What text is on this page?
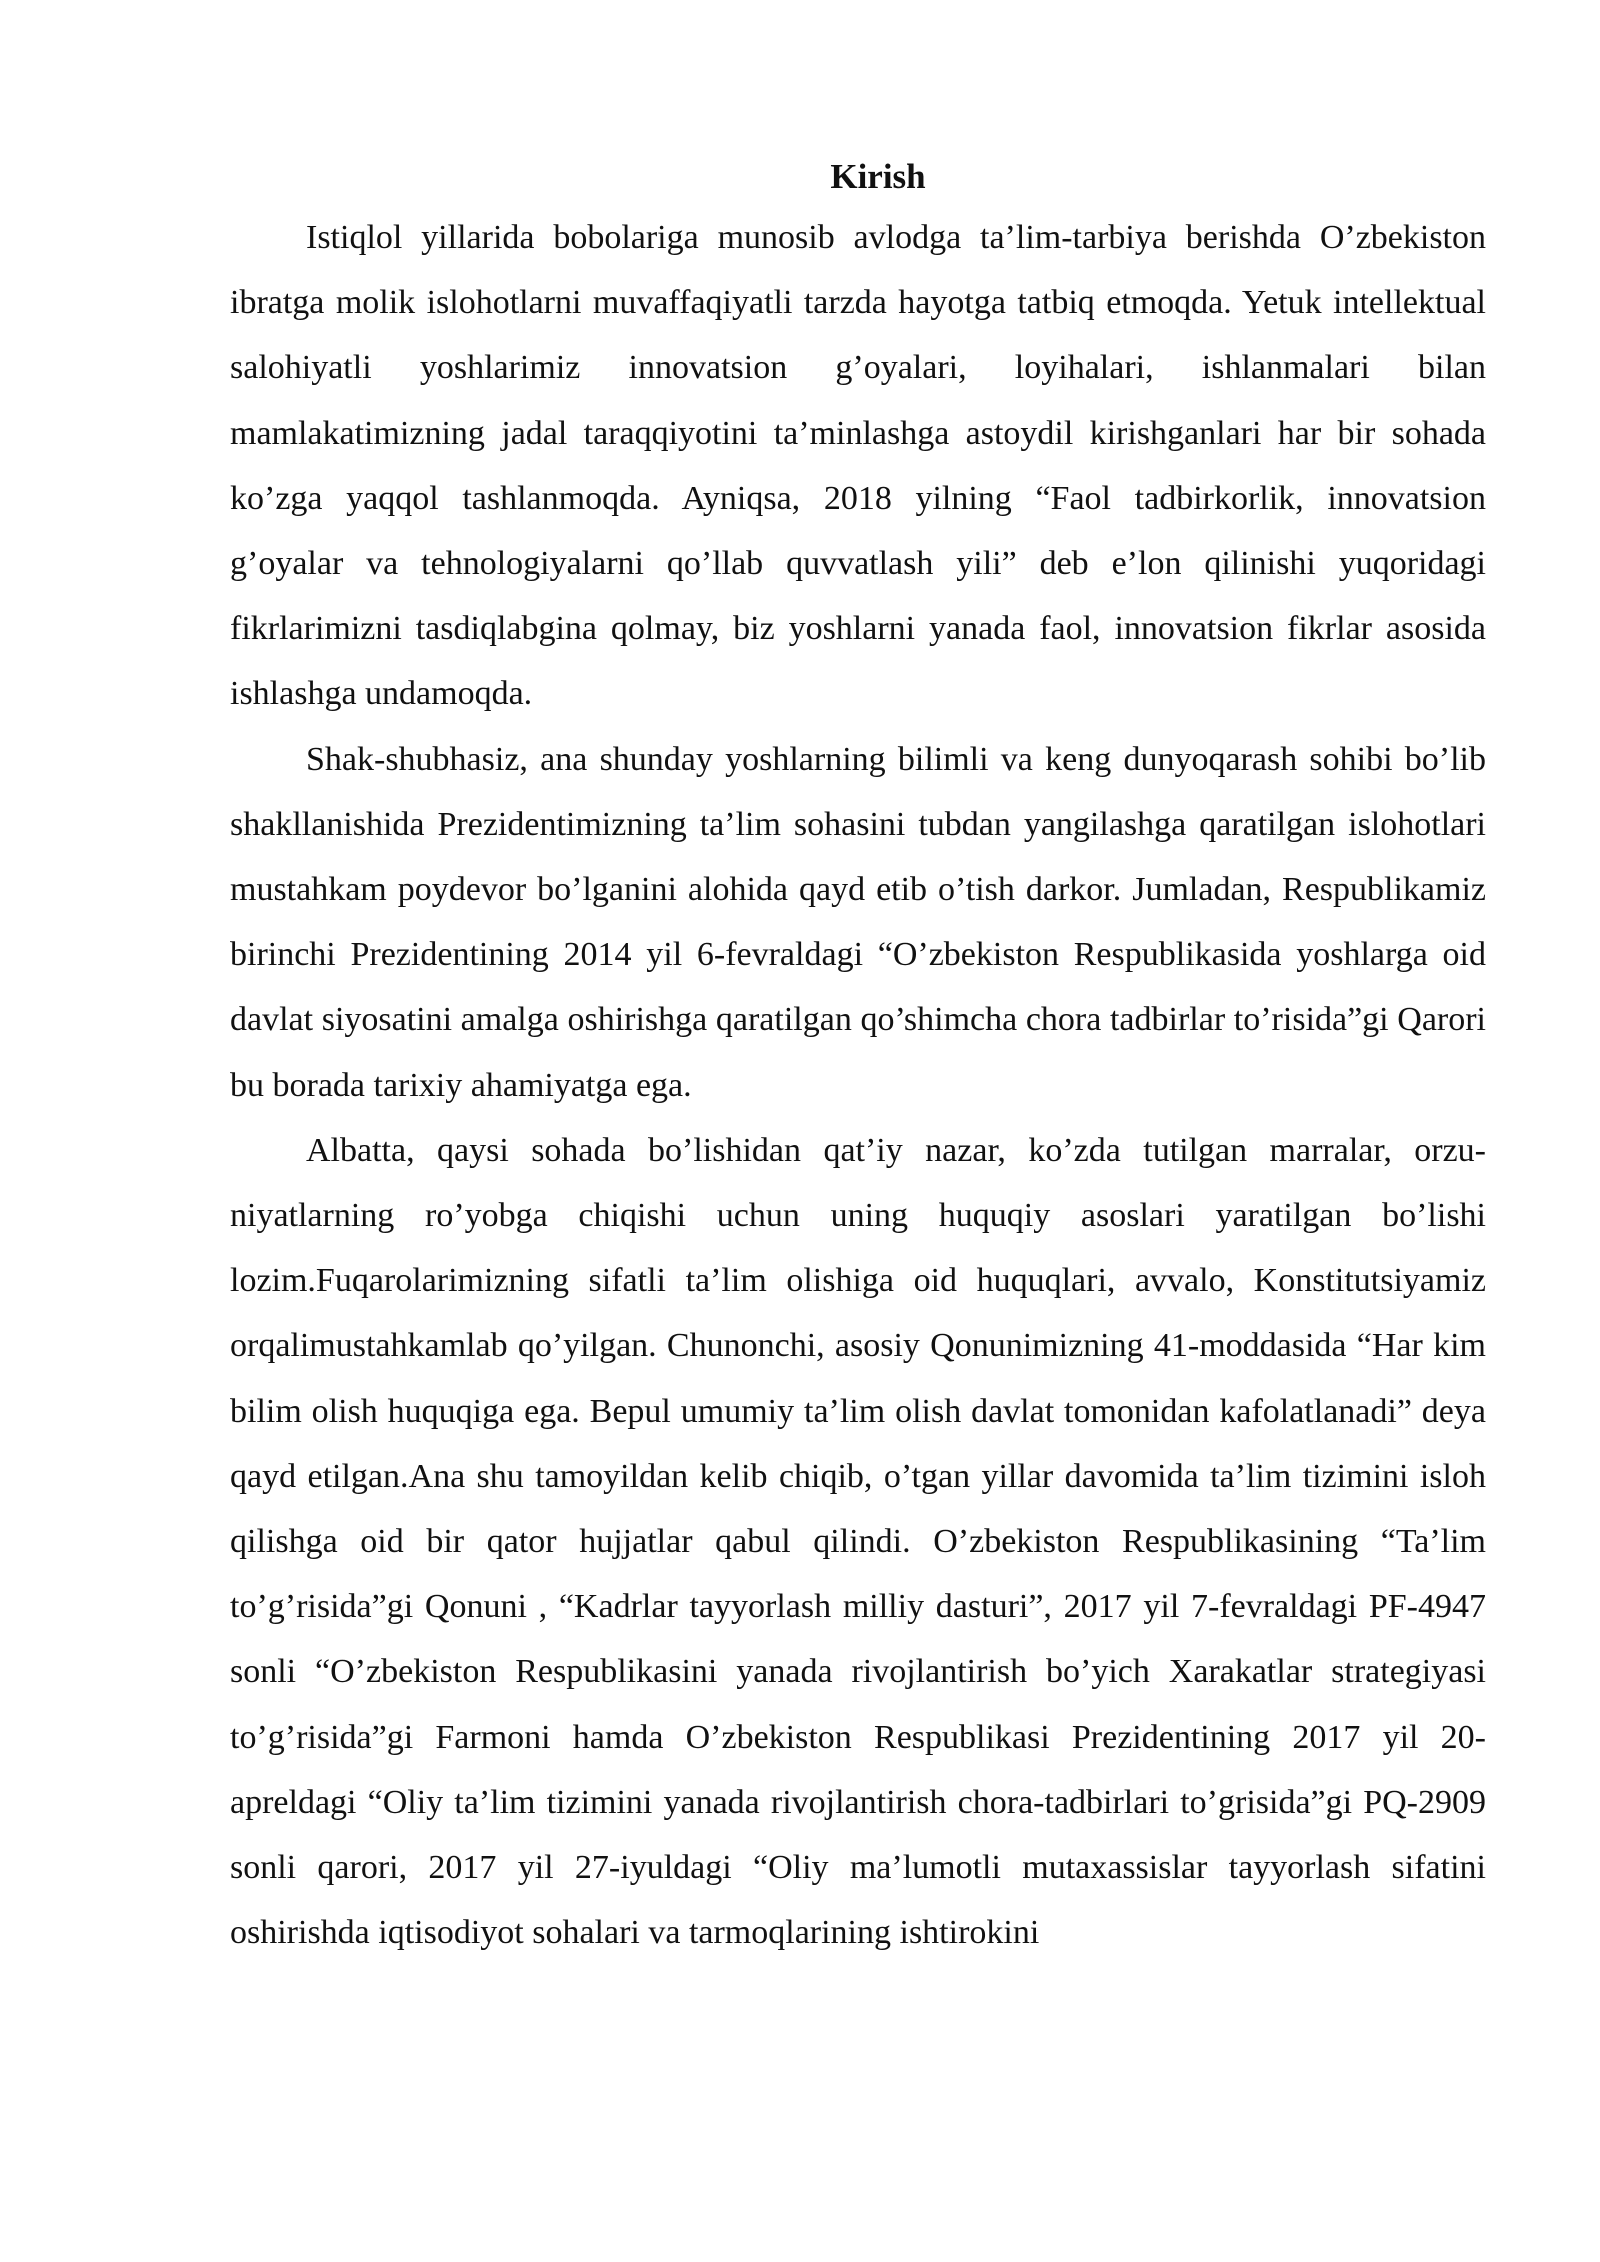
Kirish

Istiqlol yillarida bobolariga munosib avlodga ta’lim-tarbiya berishda O’zbekiston ibratga molik islohotlarni muvaffaqiyatli tarzda hayotga tatbiq etmoqda. Yetuk intellektual salohiyatli yoshlarimiz innovatsion g’oyalari, loyihalari, ishlanmalari bilan mamlakatimizning jadal taraqqiyotini ta’minlashga astoydil kirishganlari har bir sohada ko’zga yaqqol tashlanmoqda. Ayniqsa, 2018 yilning “Faol tadbirkorlik, innovatsion g’oyalar va tehnologiyalarni qo’llab quvvatlash yili” deb e’lon qilinishi yuqoridagi fikrlarimizni tasdiqlabgina qolmay, biz yoshlarni yanada faol, innovatsion fikrlar asosida ishlashga undamoqda.

Shak-shubhasiz, ana shunday yoshlarning bilimli va keng dunyoqarash sohibi bo’lib shakllanishida Prezidentimizning ta’lim sohasini tubdan yangilashga qaratilgan islohotlari mustahkam poydevor bo’lganini alohida qayd etib o’tish darkor. Jumladan, Respublikamiz birinchi Prezidentining 2014 yil 6-fevraldagi “O’zbekiston Respublikasida yoshlarga oid davlat siyosatini amalga oshirishga qaratilgan qo’shimcha chora tadbirlar to’risida”gi Qarori bu borada tarixiy ahamiyatga ega.

Albatta, qaysi sohada bo’lishidan qat’iy nazar, ko’zda tutilgan marralar, orzu-niyatlarning ro’yobga chiqishi uchun uning huquqiy asoslari yaratilgan bo’lishi lozim.Fuqarolarimizning sifatli ta’lim olishiga oid huquqlari, avvalo, Konstitutsiyamiz orqalimustahkamlab qo’yilgan. Chunonchi, asosiy Qonunimizning 41-moddasida “Har kim bilim olish huquqiga ega. Bepul umumiy ta’lim olish davlat tomonidan kafolatlanadi” deya qayd etilgan.Ana shu tamoyildan kelib chiqib, o’tgan yillar davomida ta’lim tizimini isloh qilishga oid bir qator hujjatlar qabul qilindi. O’zbekiston Respublikasining “Ta’lim to’g’risida”gi Qonuni , “Kadrlar tayyorlash milliy dasturi”, 2017 yil 7-fevraldagi PF-4947 sonli “O’zbekiston Respublikasini yanada rivojlantirish bo’yich Xarakatlar strategiyasi to’g’risida”gi Farmoni hamda O’zbekiston Respublikasi Prezidentining 2017 yil 20-apreldagi “Oliy ta’lim tizimini yanada rivojlantirish chora-tadbirlari to’grisida”gi PQ-2909 sonli qarori, 2017 yil 27-iyuldagi “Oliy ma’lumotli mutaxassislar tayyorlash sifatini oshirishda iqtisodiyot sohalari va tarmoqlarining ishtirokini
